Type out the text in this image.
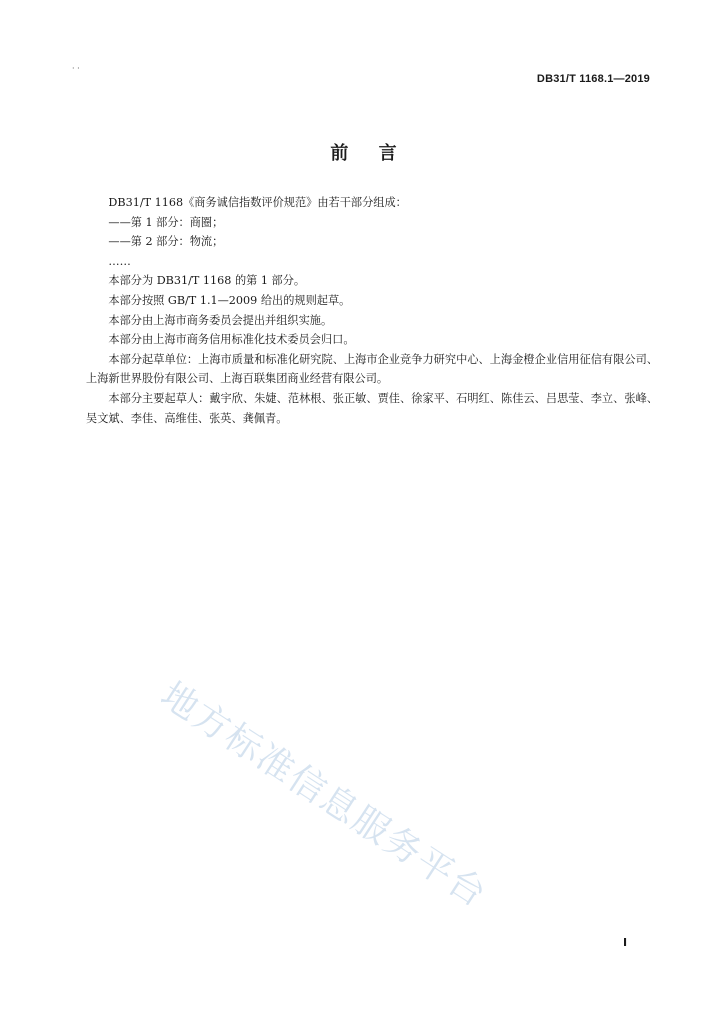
· ·
DB31/T 1168.1—2019
前 言

DB31/T 1168《商务诚信指数评价规范》由若干部分组成：

——第 1 部分：商圈；

——第 2 部分：物流；

……

本部分为 DB31/T 1168 的第 1 部分。

本部分按照 GB/T 1.1—2009 给出的规则起草。

本部分由上海市商务委员会提出并组织实施。

本部分由上海市商务信用标准化技术委员会归口。

本部分起草单位：上海市质量和标准化研究院、上海市企业竞争力研究中心、上海金橙企业信用征信有限公司、上海新世界股份有限公司、上海百联集团商业经营有限公司。

本部分主要起草人：戴宇欣、朱婕、范林根、张正敏、贾佳、徐家平、石明红、陈佳云、吕思莹、李立、张峰、吴文斌、李佳、高维佳、张英、龚佩青。

地方标准信息服务平台
Ⅰ
